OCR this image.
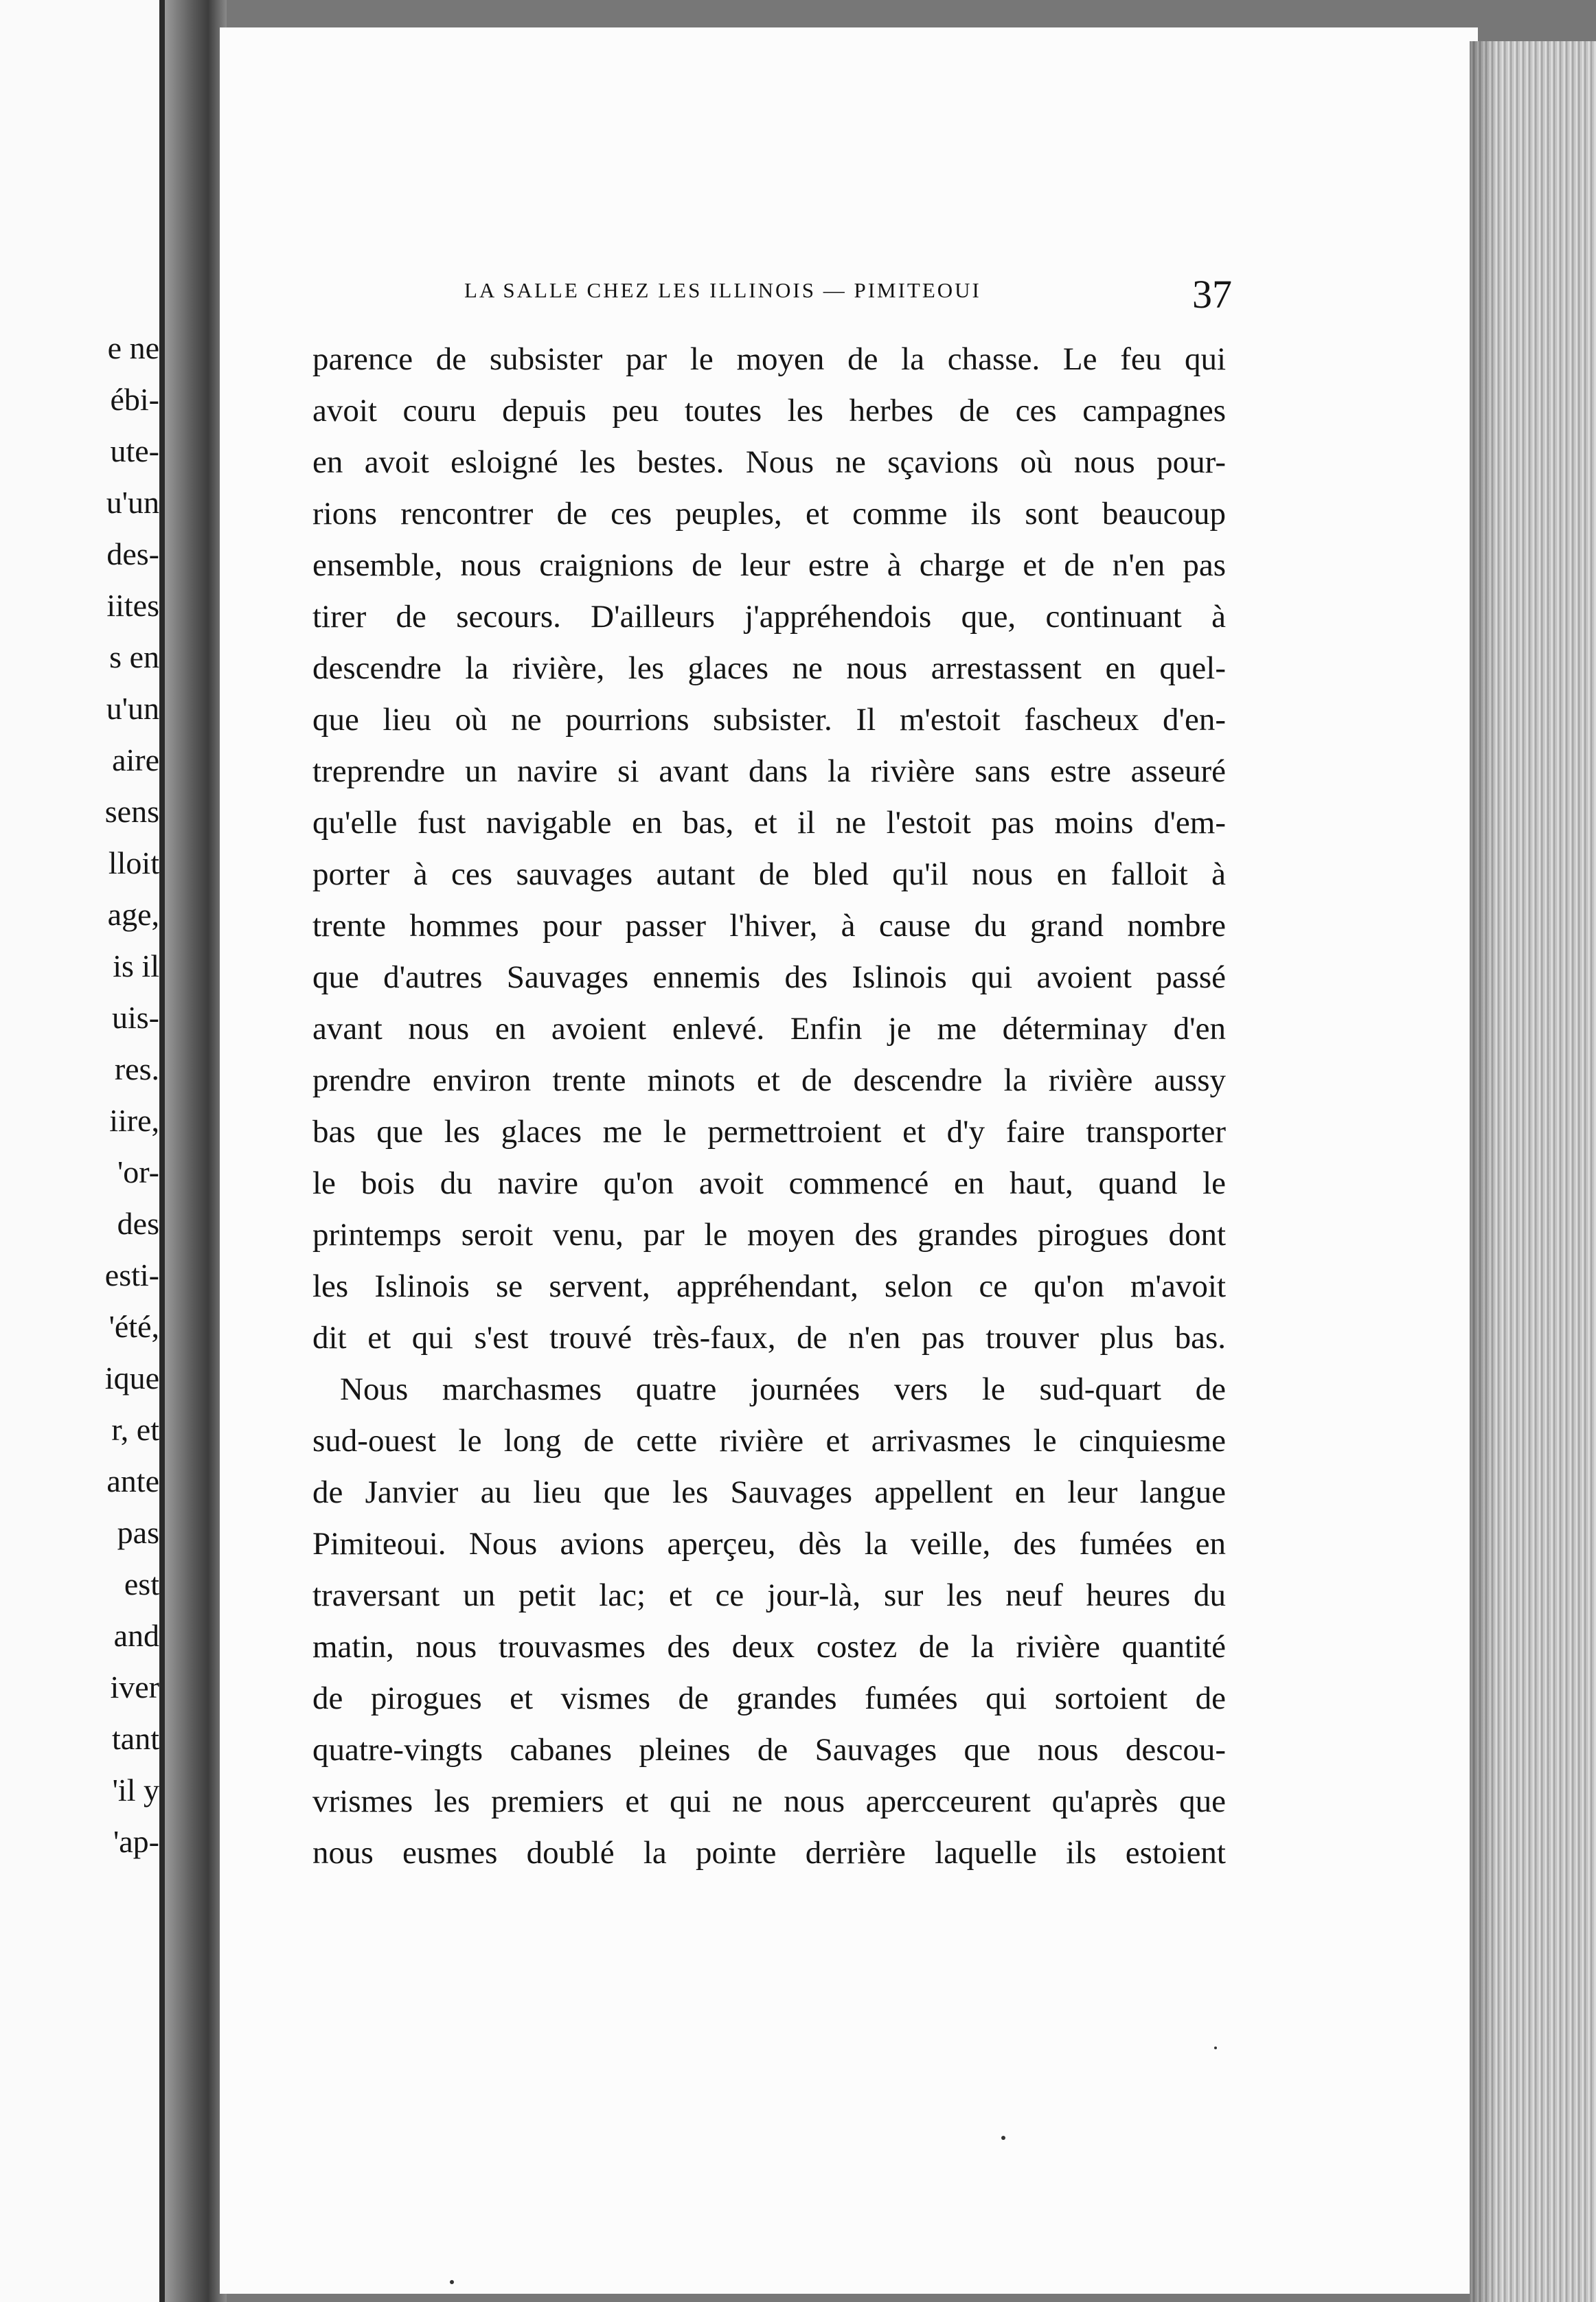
e ne
ébi-
ute-
u'un
des-
iites
s en
u'un
aire
sens
lloit
age,
is il
uis-
res.
iire,
'or-
des
esti-
'été,
ique
r, et
ante
pas
est
and
iver
tant
'il y
'ap-
LA SALLE CHEZ LES ILLINOIS — PIMITEOUI	37
parence de subsister par le moyen de la chasse. Le feu qui
avoit couru depuis peu toutes les herbes de ces campagnes
en avoit esloigné les bestes. Nous ne sçavions où nous pour-
rions rencontrer de ces peuples, et comme ils sont beaucoup
ensemble, nous craignions de leur estre à charge et de n'en pas
tirer de secours. D'ailleurs j'appréhendois que, continuant à
descendre la rivière, les glaces ne nous arrestassent en quel-
que lieu où ne pourrions subsister. Il m'estoit fascheux d'en-
treprendre un navire si avant dans la rivière sans estre asseuré
qu'elle fust navigable en bas, et il ne l'estoit pas moins d'em-
porter à ces sauvages autant de bled qu'il nous en falloit à
trente hommes pour passer l'hiver, à cause du grand nombre
que d'autres Sauvages ennemis des Islinois qui avoient passé
avant nous en avoient enlevé. Enfin je me déterminay d'en
prendre environ trente minots et de descendre la rivière aussy
bas que les glaces me le permettroient et d'y faire transporter
le bois du navire qu'on avoit commencé en haut, quand le
printemps seroit venu, par le moyen des grandes pirogues dont
les Islinois se servent, appréhendant, selon ce qu'on m'avoit
dit et qui s'est trouvé très-faux, de n'en pas trouver plus bas.
Nous marchasmes quatre journées vers le sud-quart de
sud-ouest le long de cette rivière et arrivasmes le cinquiesme
de Janvier au lieu que les Sauvages appellent en leur langue
Pimiteoui. Nous avions aperçeu, dès la veille, des fumées en
traversant un petit lac; et ce jour-là, sur les neuf heures du
matin, nous trouvasmes des deux costez de la rivière quantité
de pirogues et vismes de grandes fumées qui sortoient de
quatre-vingts cabanes pleines de Sauvages que nous descou-
vrismes les premiers et qui ne nous apercceurent qu'après que
nous eusmes doublé la pointe derrière laquelle ils estoient
